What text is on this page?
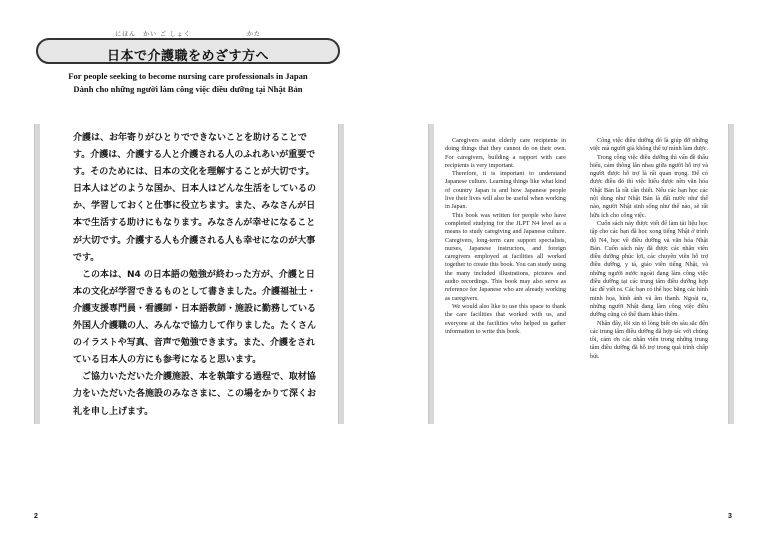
にほん　かい ご しょく　　　　　　　　かた
日本で介護職をめざす方へ
For people seeking to become nursing care professionals in Japan
Dành cho những người làm công việc điều dưỡng tại Nhật Bản

介護は、お年寄りがひとりでできないことを助けることです。介護は、介護する人と介護される人のふれあいが重要です。そのためには、日本の文化を理解することが大切です。日本人はどのような国か、日本人はどんな生活をしているのか、学習しておくと仕事に役立ちます。また、みなさんが日本で生活する助けにもなります。みなさんが幸せになることが大切です。介護する人も介護される人も幸せになのが大事です。

この本は、N4 の日本語の勉強が終わった方が、介護と日本の文化が学習できるものとして書きました。介護福祉士・介護支援専門員・看護師・日本語教師・施設に勤務している外国人介護職の人、みんなで協力して作りました。たくさんのイラストや写真、音声で勉強できます。また、介護をされている日本人の方にも参考になると思います。

ご協力いただいた介護施設、本を執筆する過程で、取材協力をいただいた各施設のみなさまに、この場をかりて深くお礼を申し上げます。

Caregivers assist elderly care recipients in doing things that they cannot do on their own. For caregivers, building a rapport with care recipients is very important.

Therefore, it is important to understand Japanese culture. Learning things like what kind of country Japan is and how Japanese people live their lives will also be useful when working in Japan.

This book was written for people who have completed studying for the JLPT N4 level as a means to study caregiving and Japanese culture. Caregivers, long-term care support specialists, nurses, Japanese instructors, and foreign caregivers employed at facilities all worked together to create this book. You can study using the many included illustrations, pictures and audio recordings. This book may also serve as reference for Japanese who are already working as caregivers.

We would also like to use this space to thank the care facilities that worked with us, and everyone at the facilities who helped us gather information to write this book.

Công việc điều dưỡng đó là giúp đỡ những việc mà người già không thể tự mình làm được.

Trong công việc điều dưỡng thì vấn đề thấu hiểu, cảm thông lẫn nhau giữa người hỗ trợ và người được hỗ trợ là rất quan trọng. Để có được điều đó thì việc hiểu được nền văn hóa Nhật Bản là rất cần thiết. Nếu các bạn học các nội dung như Nhật Bản là đất nước như thế nào, người Nhật sinh sống như thế nào, sẽ rất hữu ích cho công việc.

Cuốn sách này được viết để làm tài liệu học tập cho các bạn đã học xong tiếng Nhật ở trình độ N4, học về điều dưỡng và văn hóa Nhật Bản. Cuốn sách này đã được các nhân viên điều dưỡng phúc lợi, các chuyên viên hỗ trợ điều dưỡng, y tá, giáo viên tiếng Nhật, và những người nước ngoài đang làm công việc điều dưỡng tại các trung tâm điều dưỡng hợp tác để viết ra. Các bạn có thể học bằng các hình minh họa, hình ảnh và âm thanh. Ngoài ra, những người Nhật đang làm công việc điều dưỡng cũng có thể tham khảo thêm.

Nhân đây, tôi xin tỏ lòng biết ơn sâu sắc đến các trung tâm điều dưỡng đã hợp tác với chúng tôi, cảm ơn các nhân viên trong những trung tâm điều dưỡng đã hỗ trợ trong quá trình chấp bút.

2	3
